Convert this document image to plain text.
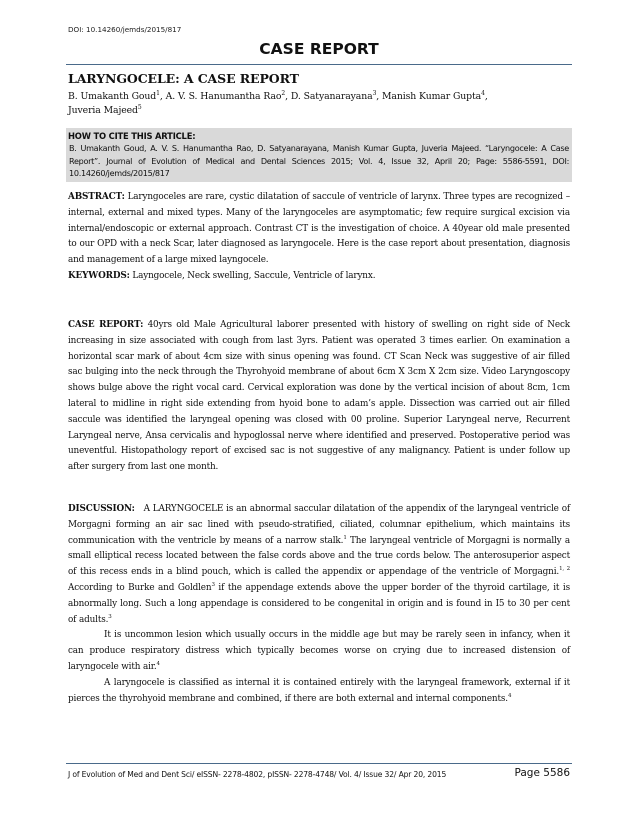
DOI: 10.14260/jemds/2015/817
CASE REPORT
LARYNGOCELE: A CASE REPORT
B. Umakanth Goud$^1$, A. V. S. Hanumantha Rao$^2$, D. Satyanarayana$^3$, Manish Kumar Gupta$^4$,
Juveria Majeed$^5$
HOW TO CITE THIS ARTICLE:
B. Umakanth Goud, A. V. S. Hanumantha Rao, D. Satyanarayana, Manish Kumar Gupta, Juveria Majeed. “Laryngocele: A Case Report”. Journal of Evolution of Medical and Dental Sciences 2015; Vol. 4, Issue 32, April 20; Page: 5586-5591, DOI: 10.14260/jemds/2015/817

ABSTRACT: Laryngoceles are rare, cystic dilatation of saccule of ventricle of larynx. Three types are recognized –internal, external and mixed types. Many of the laryngoceles are asymptomatic; few require surgical excision via internal/endoscopic or external approach. Contrast CT is the investigation of choice. A 40year old male presented to our OPD with a neck Scar, later diagnosed as laryngocele. Here is the case report about presentation, diagnosis and management of a large mixed layngocele.

KEYWORDS: Layngocele, Neck swelling, Saccule, Ventricle of larynx.

CASE REPORT: 40yrs old Male Agricultural laborer presented with history of swelling on right side of Neck increasing in size associated with cough from last 3yrs. Patient was operated 3 times earlier. On examination a horizontal scar mark of about 4cm size with sinus opening was found. CT Scan Neck was suggestive of air filled sac bulging into the neck through the Thyrohyoid membrane of about 6cm X 3cm X 2cm size. Video Laryngoscopy shows bulge above the right vocal card. Cervical exploration was done by the vertical incision of about 8cm, 1cm lateral to midline in right side extending from hyoid bone to adam’s apple. Dissection was carried out air filled saccule was identified the laryngeal opening was closed with 00 proline. Superior Laryngeal nerve, Recurrent Laryngeal nerve, Ansa cervicalis and hypoglossal nerve where identified and preserved. Postoperative period was uneventful. Histopathology report of excised sac is not suggestive of any malignancy. Patient is under follow up after surgery from last one month.

DISCUSSION: A LARYNGOCELE is an abnormal saccular dilatation of the appendix of the laryngeal ventricle of Morgagni forming an air sac lined with pseudo-stratified, ciliated, columnar epithelium, which maintains its communication with the ventricle by means of a narrow stalk.$^1$ The laryngeal ventricle of Morgagni is normally a small elliptical recess located between the false cords above and the true cords below. The anterosuperior aspect of this recess ends in a blind pouch, which is called the appendix or appendage of the ventricle of Morgagni.$^{1, 2}$ According to Burke and Goldlen$^3$ if the appendage extends above the upper border of the thyroid cartilage, it is abnormally long. Such a long appendage is considered to be congenital in origin and is found in I5 to 30 per cent of adults.$^3$

It is uncommon lesion which usually occurs in the middle age but may be rarely seen in infancy, when it can produce respiratory distress which typically becomes worse on crying due to increased distension of laryngocele with air.$^4$

A laryngocele is classified as internal it is contained entirely with the laryngeal framework, external if it pierces the thyrohyoid membrane and combined, if there are both external and internal components.$^4$

J of Evolution of Med and Dent Sci/ eISSN- 2278-4802, pISSN- 2278-4748/ Vol. 4/ Issue 32/ Apr 20, 2015	Page 5586
